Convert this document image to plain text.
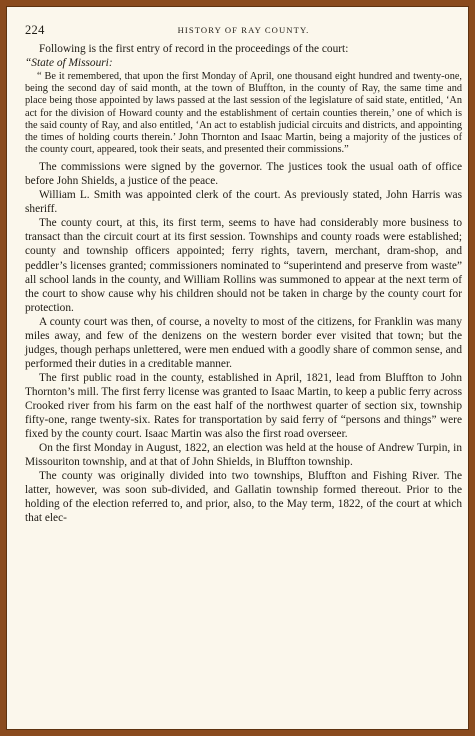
224	HISTORY OF RAY COUNTY.

Following is the first entry of record in the proceedings of the court:

“State of Missouri:

“ Be it remembered, that upon the first Monday of April, one thousand eight hundred and twenty-one, being the second day of said month, at the town of Bluffton, in the county of Ray, the same time and place being those appointed by laws passed at the last session of the legislature of said state, entitled, ‘An act for the division of Howard county and the establishment of certain counties therein,’ one of which is the said county of Ray, and also entitled, ‘An act to establish judicial circuits and districts, and appointing the times of holding courts therein.’ John Thornton and Isaac Martin, being a majority of the justices of the county court, appeared, took their seats, and presented their commissions.”

The commissions were signed by the governor. The justices took the usual oath of office before John Shields, a justice of the peace.

William L. Smith was appointed clerk of the court. As previously stated, John Harris was sheriff.

The county court, at this, its first term, seems to have had considerably more business to transact than the circuit court at its first session. Townships and county roads were established; county and township officers appointed; ferry rights, tavern, merchant, dram-shop, and peddler’s licenses granted; commissioners nominated to “superintend and preserve from waste” all school lands in the county, and William Rollins was summoned to appear at the next term of the court to show cause why his children should not be taken in charge by the county court for protection.

A county court was then, of course, a novelty to most of the citizens, for Franklin was many miles away, and few of the denizens on the western border ever visited that town; but the judges, though perhaps unlettered, were men endued with a goodly share of common sense, and performed their duties in a creditable manner.

The first public road in the county, established in April, 1821, lead from Bluffton to John Thornton’s mill. The first ferry license was granted to Isaac Martin, to keep a public ferry across Crooked river from his farm on the east half of the northwest quarter of section six, township fifty-one, range twenty-six. Rates for transportation by said ferry of “persons and things” were fixed by the county court. Isaac Martin was also the first road overseer.

On the first Monday in August, 1822, an election was held at the house of Andrew Turpin, in Missouriton township, and at that of John Shields, in Bluffton township.

The county was originally divided into two townships, Bluffton and Fishing River. The latter, however, was soon sub-divided, and Gallatin township formed thereout. Prior to the holding of the election referred to, and prior, also, to the May term, 1822, of the court at which that elec-
